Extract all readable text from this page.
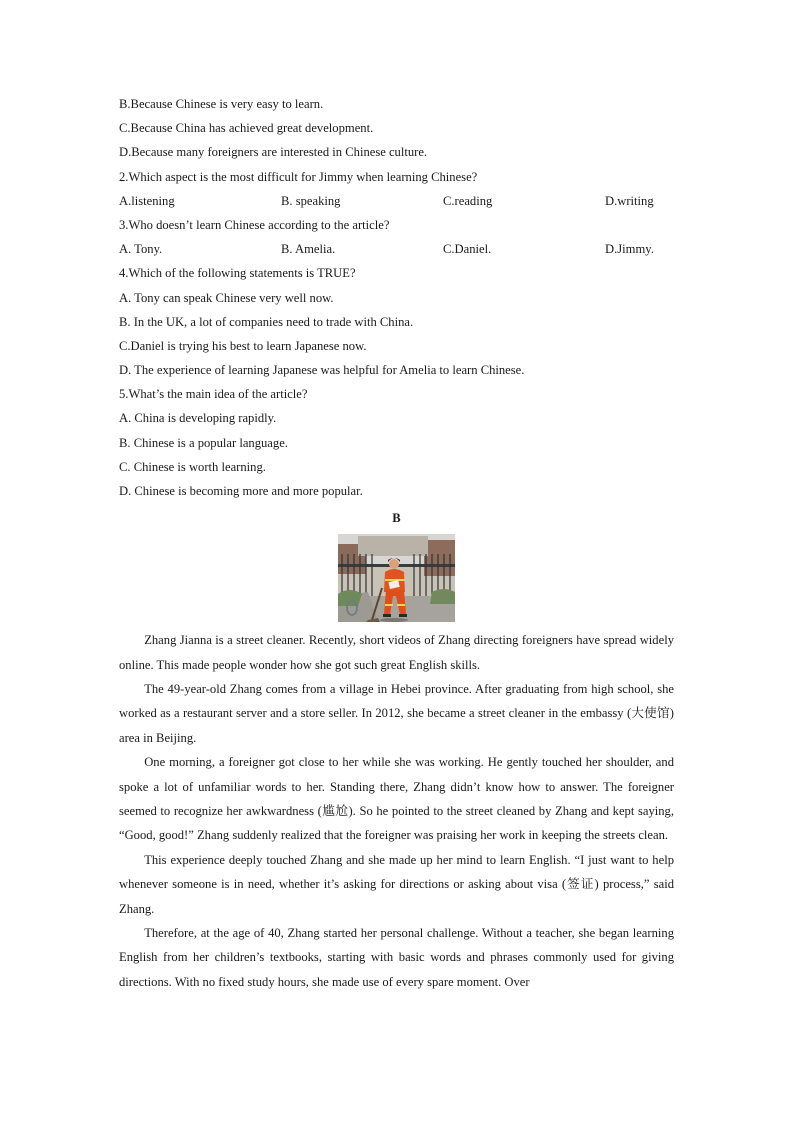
B.Because Chinese is very easy to learn.
C.Because China has achieved great development.
D.Because many foreigners are interested in Chinese culture.
2.Which aspect is the most difficult for Jimmy when learning Chinese?
A.listening	B. speaking	C.reading	D.writing
3.Who doesn’t learn Chinese according to the article?
A. Tony.	B. Amelia.	C.Daniel.	D.Jimmy.
4.Which of the following statements is TRUE?
A. Tony can speak Chinese very well now.
B. In the UK, a lot of companies need to trade with China.
C.Daniel is trying his best to learn Japanese now.
D. The experience of learning Japanese was helpful for Amelia to learn Chinese.
5.What’s the main idea of the article?
A. China is developing rapidly.
B. Chinese is a popular language.
C. Chinese is worth learning.
D. Chinese is becoming more and more popular.
B

Zhang Jianna is a street cleaner. Recently, short videos of Zhang directing foreigners have spread widely online. This made people wonder how she got such great English skills.

The 49-year-old Zhang comes from a village in Hebei province. After graduating from high school, she worked as a restaurant server and a store seller. In 2012, she became a street cleaner in the embassy (大使馆) area in Beijing.

One morning, a foreigner got close to her while she was working. He gently touched her shoulder, and spoke a lot of unfamiliar words to her. Standing there, Zhang didn’t know how to answer. The foreigner seemed to recognize her awkwardness (尴尬). So he pointed to the street cleaned by Zhang and kept saying, “Good, good!” Zhang suddenly realized that the foreigner was praising her work in keeping the streets clean.

This experience deeply touched Zhang and she made up her mind to learn English. “I just want to help whenever someone is in need, whether it’s asking for directions or asking about visa (签证) process,” said Zhang.

Therefore, at the age of 40, Zhang started her personal challenge. Without a teacher, she began learning English from her children’s textbooks, starting with basic words and phrases commonly used for giving directions. With no fixed study hours, she made use of every spare moment. Over
